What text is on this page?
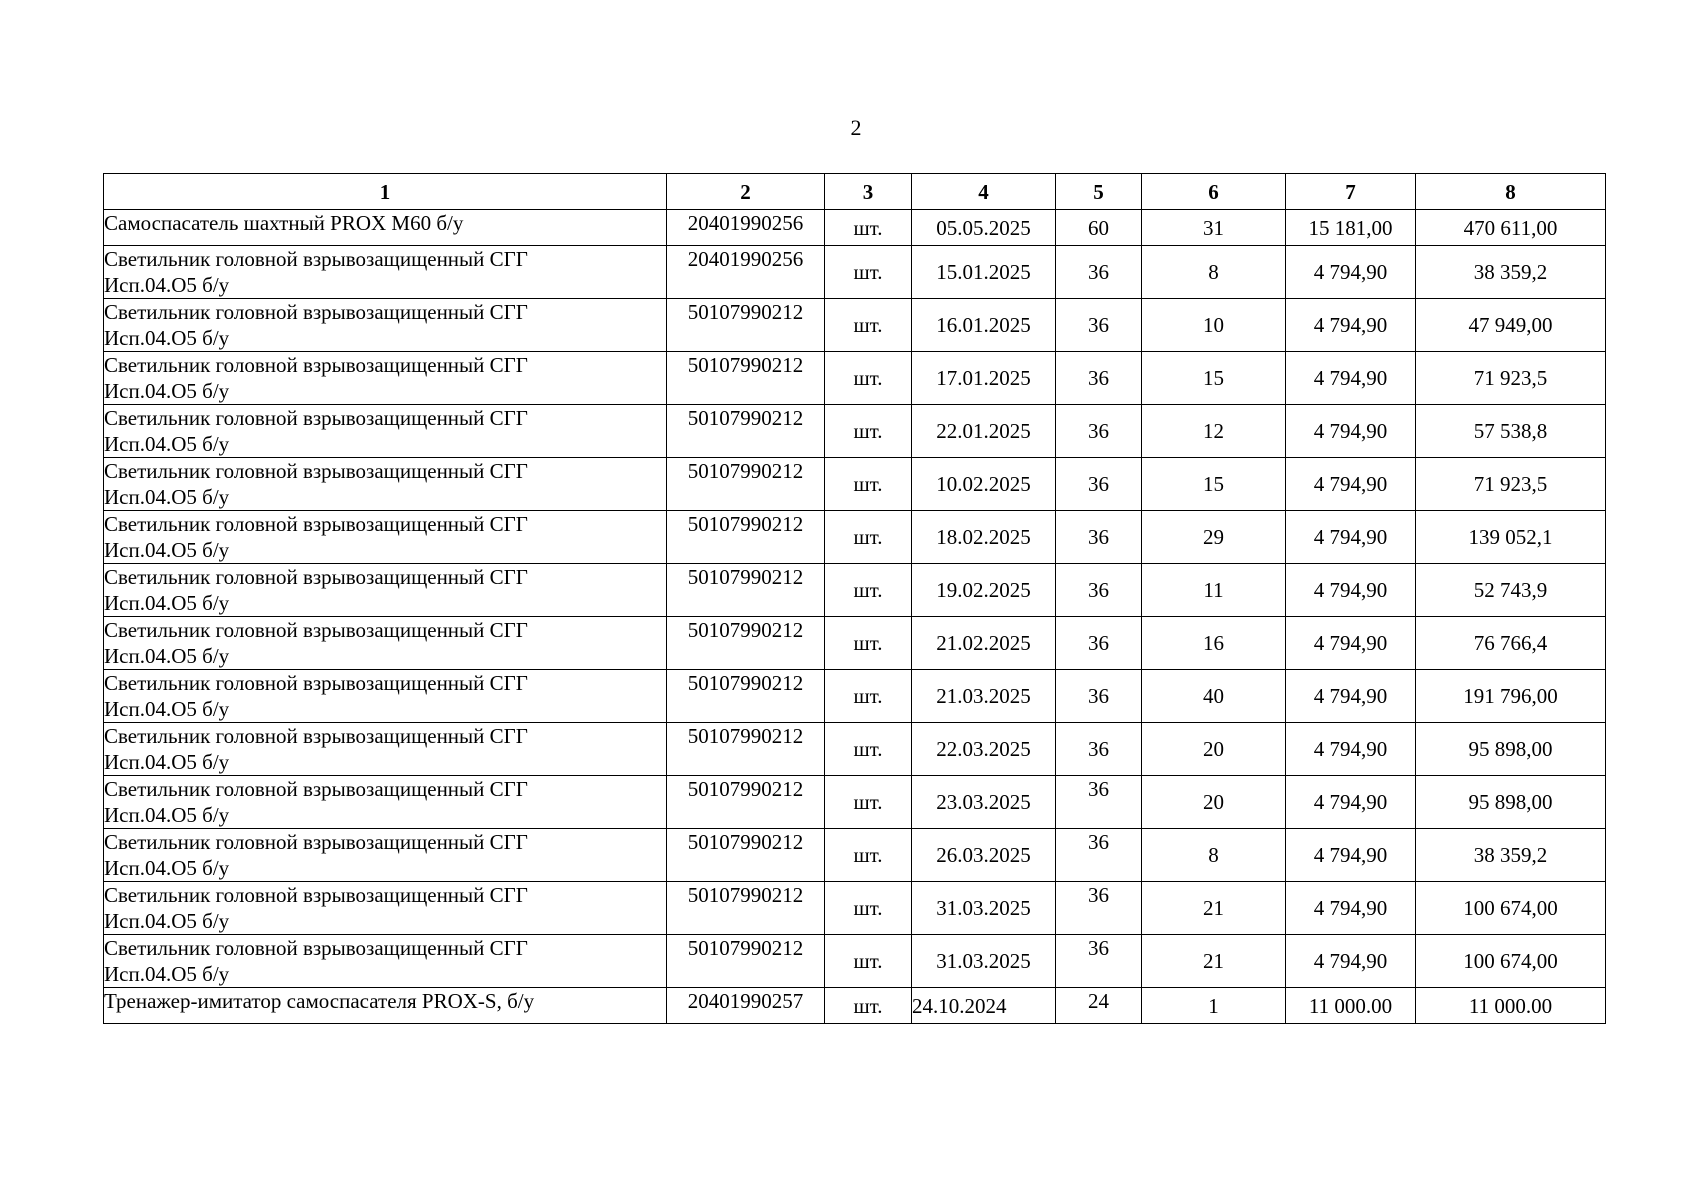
2
1	2	3	4	5	6	7	8

Самоспасатель шахтный PROX M60 б/у	20401990256	шт.	05.05.2025	60	31	15 181,00	470 611,00

Светильник головной взрывозащищенный СГГ
Исп.04.О5 б/у	20401990256	шт.	15.01.2025	36	8	4 794,90	38 359,2

Светильник головной взрывозащищенный СГГ
Исп.04.О5 б/у	50107990212	шт.	16.01.2025	36	10	4 794,90	47 949,00

Светильник головной взрывозащищенный СГГ
Исп.04.О5 б/у	50107990212	шт.	17.01.2025	36	15	4 794,90	71 923,5

Светильник головной взрывозащищенный СГГ
Исп.04.О5 б/у	50107990212	шт.	22.01.2025	36	12	4 794,90	57 538,8

Светильник головной взрывозащищенный СГГ
Исп.04.О5 б/у	50107990212	шт.	10.02.2025	36	15	4 794,90	71 923,5

Светильник головной взрывозащищенный СГГ
Исп.04.О5 б/у	50107990212	шт.	18.02.2025	36	29	4 794,90	139 052,1

Светильник головной взрывозащищенный СГГ
Исп.04.О5 б/у	50107990212	шт.	19.02.2025	36	11	4 794,90	52 743,9

Светильник головной взрывозащищенный СГГ
Исп.04.О5 б/у	50107990212	шт.	21.02.2025	36	16	4 794,90	76 766,4

Светильник головной взрывозащищенный СГГ
Исп.04.О5 б/у	50107990212	шт.	21.03.2025	36	40	4 794,90	191 796,00

Светильник головной взрывозащищенный СГГ
Исп.04.О5 б/у	50107990212	шт.	22.03.2025	36	20	4 794,90	95 898,00

Светильник головной взрывозащищенный СГГ
Исп.04.О5 б/у	50107990212	шт.	23.03.2025	36	20	4 794,90	95 898,00

Светильник головной взрывозащищенный СГГ
Исп.04.О5 б/у	50107990212	шт.	26.03.2025	36	8	4 794,90	38 359,2

Светильник головной взрывозащищенный СГГ
Исп.04.О5 б/у	50107990212	шт.	31.03.2025	36	21	4 794,90	100 674,00

Светильник головной взрывозащищенный СГГ
Исп.04.О5 б/у	50107990212	шт.	31.03.2025	36	21	4 794,90	100 674,00

Тренажер-имитатор самоспасателя PROX-S, б/у	20401990257	шт.	24.10.2024	24	1	11 000.00	11 000.00
